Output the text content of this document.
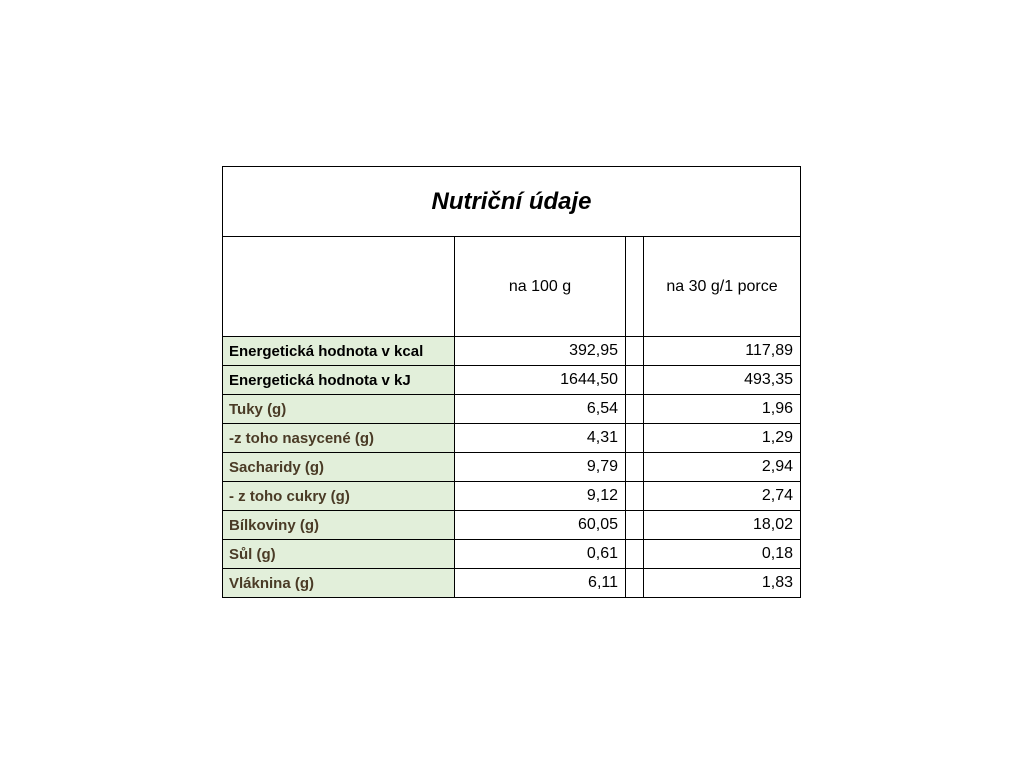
Nutriční údaje			
	na 100 g		na 30 g/1 porce
Energetická hodnota v kcal	392,95		117,89
Energetická hodnota v kJ	1644,50		493,35
Tuky (g)	6,54		1,96
-z toho nasycené (g)	4,31		1,29
Sacharidy (g)	9,79		2,94
- z toho cukry (g)	9,12		2,74
Bílkoviny (g)	60,05		18,02
Sůl (g)	0,61		0,18
Vláknina (g)	6,11		1,83
